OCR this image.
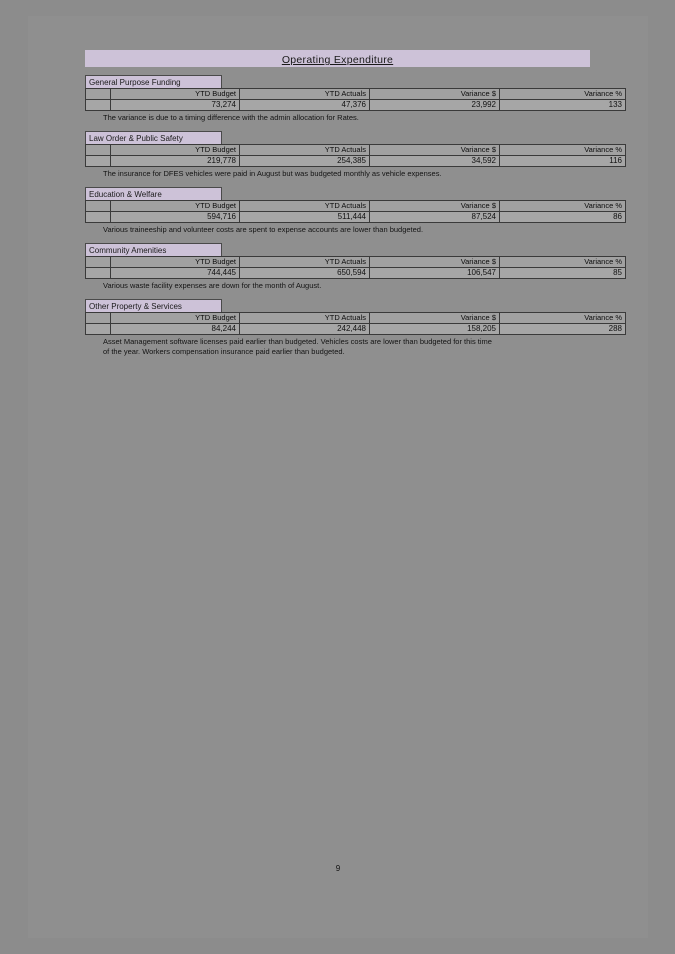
Operating Expenditure
General Purpose Funding
	YTD Budget	YTD Actuals	Variance $	Variance %
	73,274	47,376	23,992	133
The variance is due to a timing difference with the admin allocation for Rates.
Law Order & Public Safety
	YTD Budget	YTD Actuals	Variance $	Variance %
	219,778	254,385	34,592	116
The insurance for DFES vehicles were paid in August but was budgeted monthly as vehicle expenses.
Education & Welfare
	YTD Budget	YTD Actuals	Variance $	Variance %
	594,716	511,444	87,524	86
Various traineeship and volunteer costs are spent to expense accounts are lower than budgeted.
Community Amenities
	YTD Budget	YTD Actuals	Variance $	Variance %
	744,445	650,594	106,547	85
Various waste facility expenses are down for the month of August.
Other Property & Services
	YTD Budget	YTD Actuals	Variance $	Variance %
	84,244	242,448	158,205	288
Asset Management software licenses paid earlier than budgeted. Vehicles costs are lower than budgeted for this time
of the year. Workers compensation insurance paid earlier than budgeted.
9
